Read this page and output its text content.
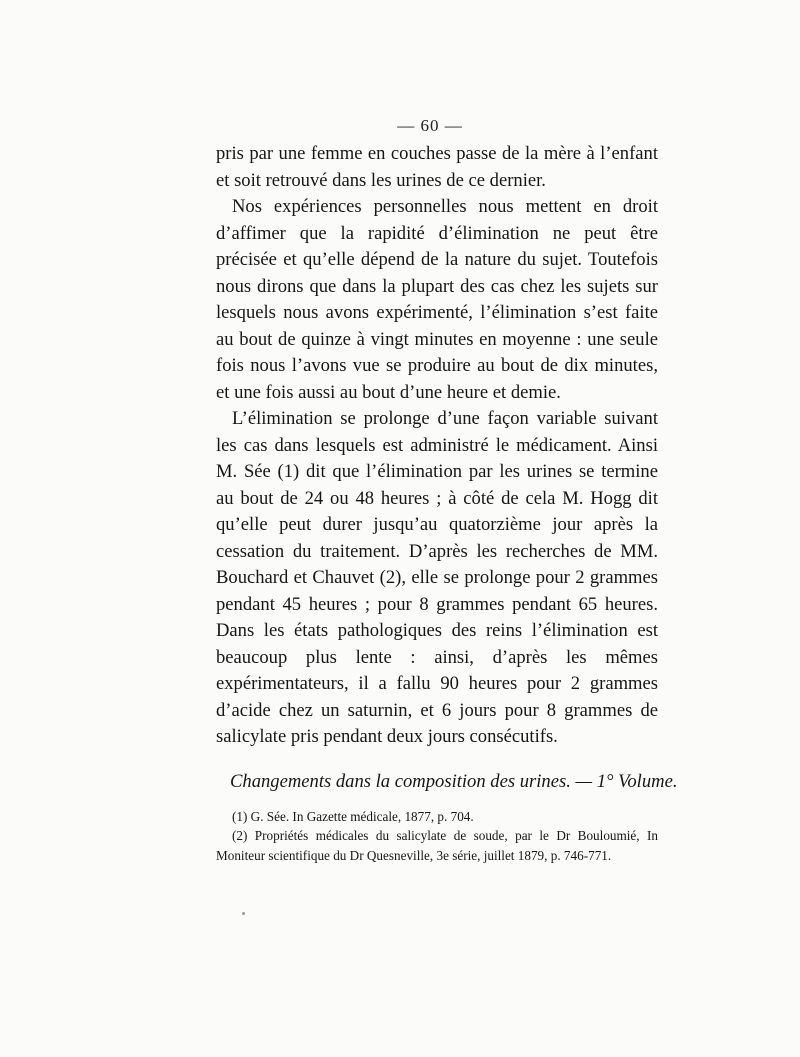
— 60 —

pris par une femme en couches passe de la mère à l’enfant et soit retrouvé dans les urines de ce dernier.

Nos expériences personnelles nous mettent en droit d’affimer que la rapidité d’élimination ne peut être précisée et qu’elle dépend de la nature du sujet. Toutefois nous dirons que dans la plupart des cas chez les sujets sur lesquels nous avons expérimenté, l’élimination s’est faite au bout de quinze à vingt minutes en moyenne : une seule fois nous l’avons vue se produire au bout de dix minutes, et une fois aussi au bout d’une heure et demie.

L’élimination se prolonge d’une façon variable suivant les cas dans lesquels est administré le médicament. Ainsi M. Sée (1) dit que l’élimination par les urines se termine au bout de 24 ou 48 heures ; à côté de cela M. Hogg dit qu’elle peut durer jusqu’au quatorzième jour après la cessation du traitement. D’après les recherches de MM. Bouchard et Chauvet (2), elle se prolonge pour 2 grammes pendant 45 heures ; pour 8 grammes pendant 65 heures. Dans les états pathologiques des reins l’élimination est beaucoup plus lente : ainsi, d’après les mêmes expérimentateurs, il a fallu 90 heures pour 2 grammes d’acide chez un saturnin, et 6 jours pour 8 grammes de salicylate pris pendant deux jours consécutifs.

Changements dans la composition des urines. — 1° Volume.

(1) G. Sée. In Gazette médicale, 1877, p. 704.

(2) Propriétés médicales du salicylate de soude, par le Dr Bouloumié, In Moniteur scientifique du Dr Quesneville, 3e série, juillet 1879, p. 746-771.
